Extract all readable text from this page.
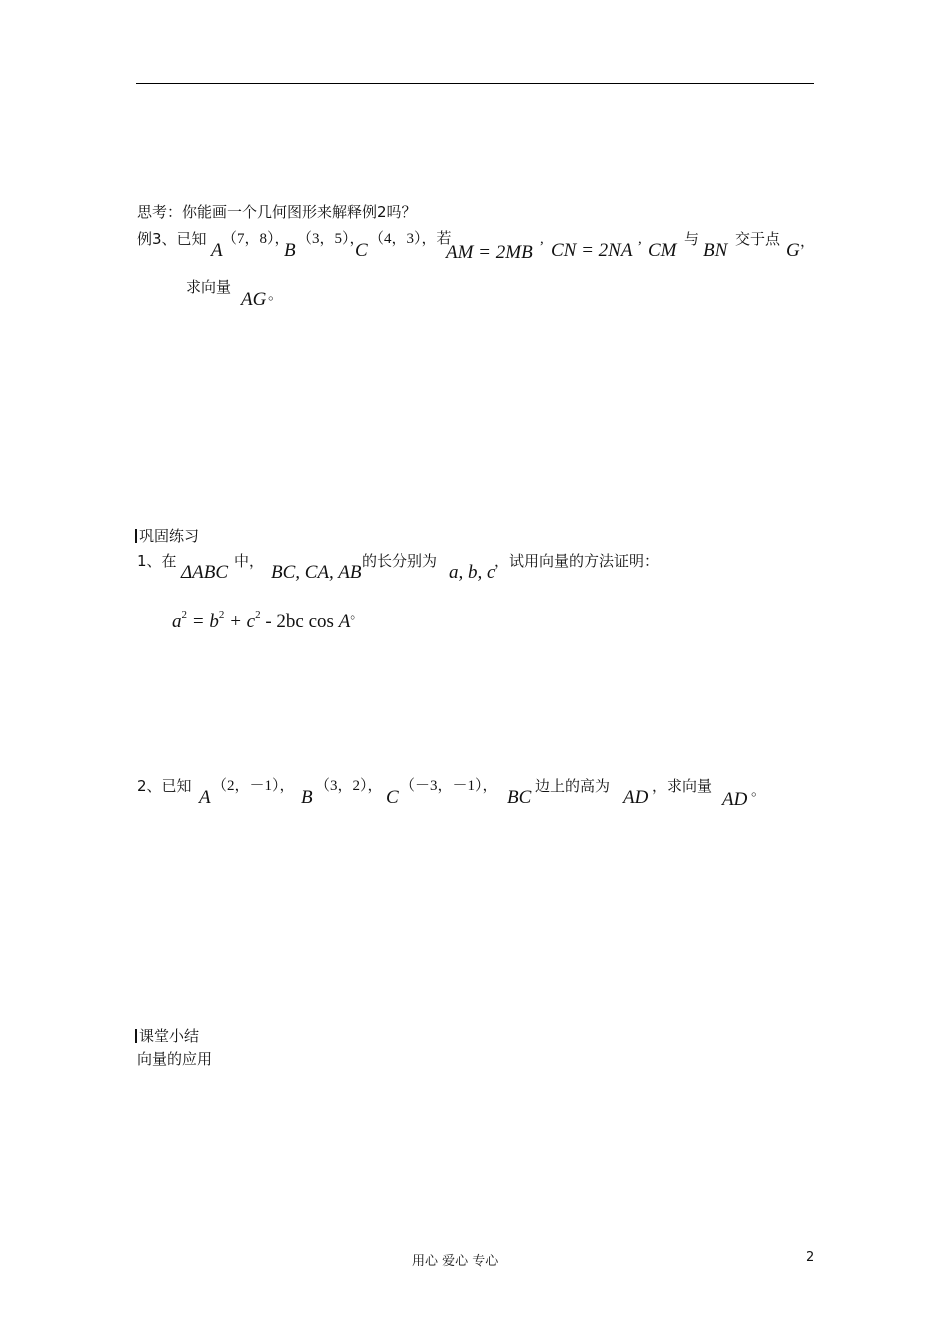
思考：你能画一个几何图形来解释例2吗？
例3、已知
A
（7，8），
B
（3，5），
C
（4，3），若
AM = 2MB
,
CN = 2NA
,
CM
与
BN
交于点
G ，
求向量
AG 。
巩固练习
1、在
ΔABC
中，
BC, CA, AB
的长分别为
a, b, c
，试用向量的方法证明：
$a^2 = b^2 + c^2 - 2bc$ cos A。
2、已知
A
（2，－1），
B
（3，2），
C
（－3，－1），
BC
边上的高为
AD
，求向量
AD 。
课堂小结
向量的应用
用心 爱心 专心	2
